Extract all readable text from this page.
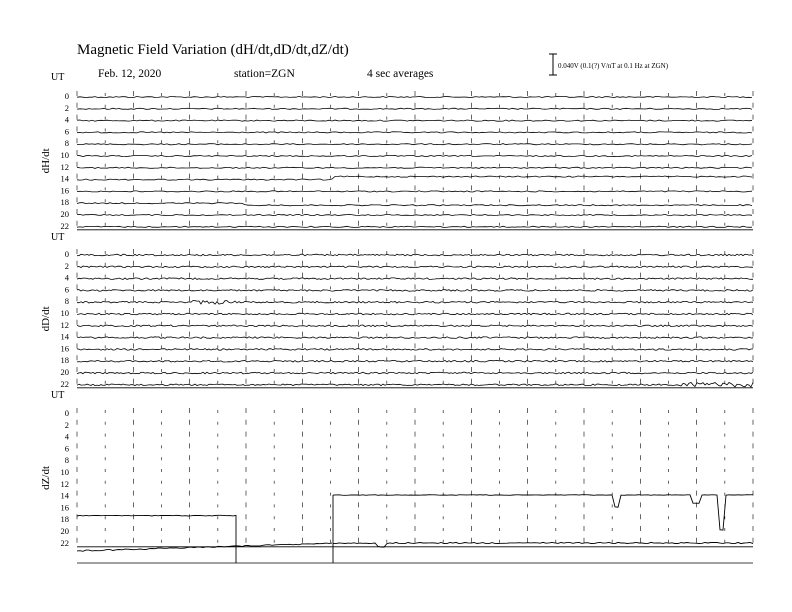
Magnetic Field Variation (dH/dt,dD/dt,dZ/dt)
Feb. 12, 2020	station=ZGN	4 sec averages
0.040V (0.1(?) V/nT at 0.1 Hz at ZGN)
UT
dH/dt
0
2
4
6
8
10
12
14
16
18
20
22
UT
dD/dt
0
2
4
6
8
10
12
14
16
18
20
22
UT
dZ/dt
0
2
4
6
8
10
12
14
16
18
20
22
